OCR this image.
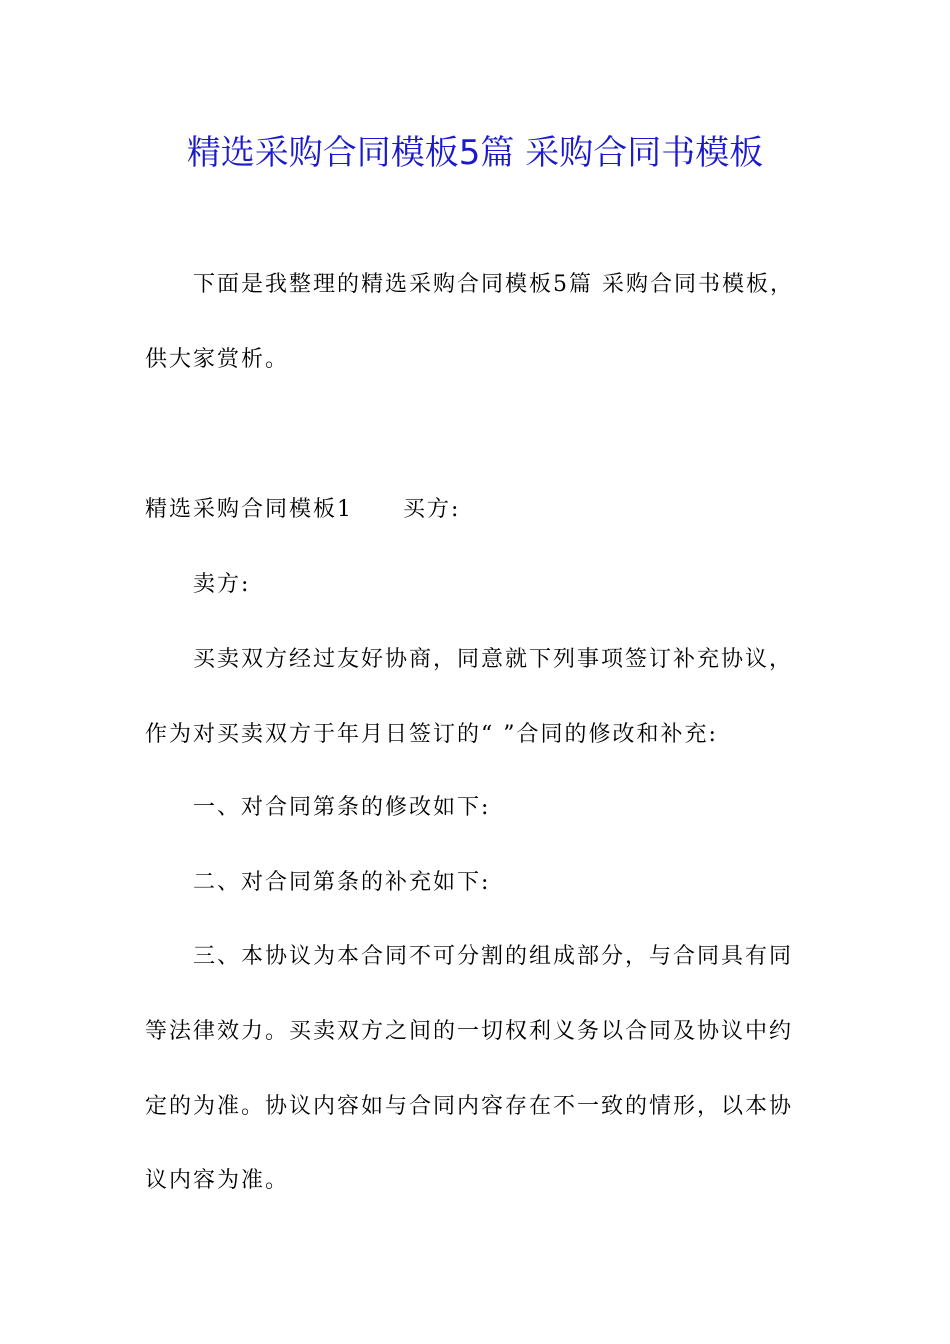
精选采购合同模板5篇 采购合同书模板
下面是我整理的精选采购合同模板5篇 采购合同书模板，
供大家赏析。
精选采购合同模板1 买方:
卖方:
买卖双方经过友好协商，同意就下列事项签订补充协议，
作为对买卖双方于年月日签订的“ ”合同的修改和补充:
一、对合同第条的修改如下:
二、对合同第条的补充如下:
三、本协议为本合同不可分割的组成部分，与合同具有同
等法律效力。买卖双方之间的一切权利义务以合同及协议中约
定的为准。协议内容如与合同内容存在不一致的情形，以本协
议内容为准。
